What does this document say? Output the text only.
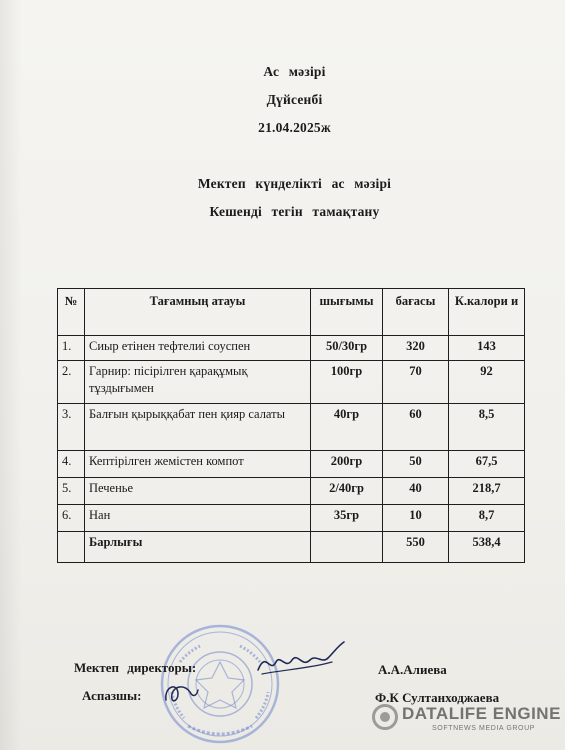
Ас мәзірі
Дүйсенбі
21.04.2025ж
Мектеп күнделікті ас мәзірі
Кешенді тегін тамақтану
№	Тағамның атауы	шығымы	бағасы	К.калори и
1.	Сиыр етінен тефтелиі соуспен	50/30гр	320	143
2.	Гарнир: пісірілген қарақұмық тұздығымен	100гр	70	92
3.	Балғын қырыққабат пен қияр салаты	40гр	60	8,5
4.	Кептірілген жемістен компот	200гр	50	67,5
5.	Печенье	2/40гр	40	218,7
6.	Нан	35гр	10	8,7
	Барлығы		550	538,4
Мектеп директоры:
Аспазшы:
А.А.Алиева
Ф.К Султанходжаева
DATALIFE ENGINE
SOFTNEWS MEDIA GROUP
